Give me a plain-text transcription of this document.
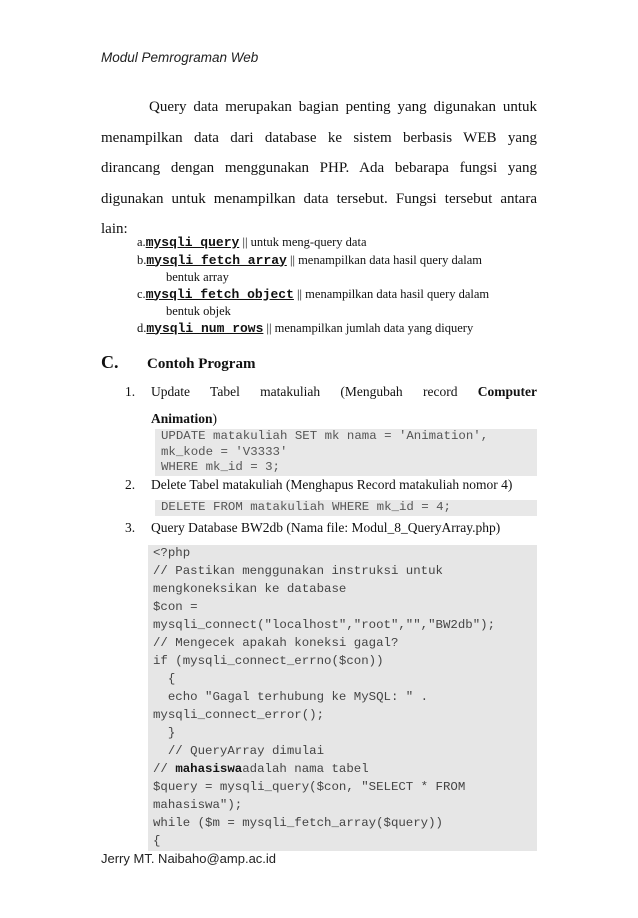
Modul Pemrograman Web

Query data merupakan bagian penting yang digunakan untuk menampilkan data dari database ke sistem berbasis WEB yang dirancang dengan menggunakan PHP. Ada bebarapa fungsi yang digunakan untuk menampilkan data tersebut. Fungsi tersebut antara lain:

a.mysqli_query || untuk meng-query data
b.mysqli_fetch_array || menampilkan data hasil query dalam
bentuk array
c.mysqli_fetch_object || menampilkan data hasil query dalam
bentuk objek
d.mysqli_num_rows || menampilkan jumlah data yang diquery
C. Contoh Program
1. Update Tabel matakuliah (Mengubah record Computer
Animation)
UPDATE matakuliah SET mk nama = 'Animation',
mk_kode = 'V3333'
WHERE mk_id = 3;
2. Delete Tabel matakuliah (Menghapus Record matakuliah nomor 4)
DELETE FROM matakuliah WHERE mk_id = 4;
3. Query Database BW2db (Nama file: Modul_8_QueryArray.php)
<?php
// Pastikan menggunakan instruksi untuk
mengkoneksikan ke database
$con =
mysqli_connect("localhost","root","","BW2db");
// Mengecek apakah koneksi gagal?
if (mysqli_connect_errno($con))
{
echo "Gagal terhubung ke MySQL: " .
mysqli_connect_error();
}
// QueryArray dimulai
// mahasiswaadalah nama tabel
$query = mysqli_query($con, "SELECT * FROM
mahasiswa");
while ($m = mysqli_fetch_array($query))
{
Jerry MT. Naibaho@amp.ac.id
